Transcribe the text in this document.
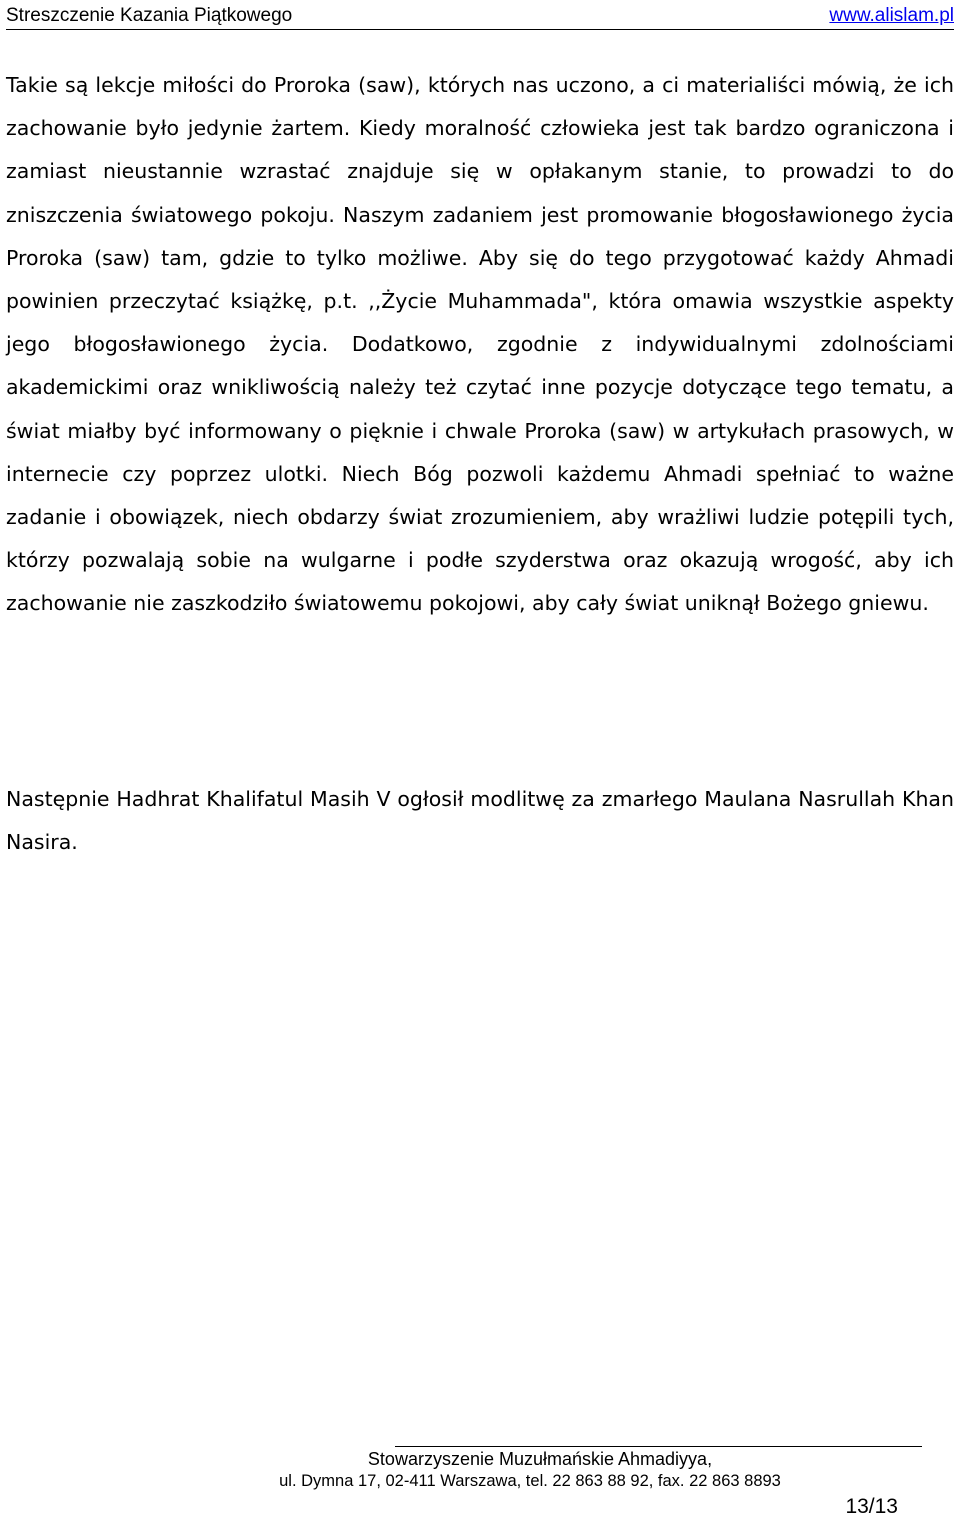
Streszczenie Kazania Piątkowego	www.alislam.pl

Takie są lekcje miłości do Proroka (saw), których nas uczono, a ci materialiści mówią, że ich zachowanie było jedynie żartem. Kiedy moralność człowieka jest tak bardzo ograniczona i zamiast nieustannie wzrastać znajduje się w opłakanym stanie, to prowadzi to do zniszczenia światowego pokoju. Naszym zadaniem jest promowanie błogosławionego życia Proroka (saw) tam, gdzie to tylko możliwe. Aby się do tego przygotować każdy Ahmadi powinien przeczytać książkę, p.t. ,,Życie Muhammada", która omawia wszystkie aspekty jego błogosławionego życia. Dodatkowo, zgodnie z indywidualnymi zdolnościami akademickimi oraz wnikliwością należy też czytać inne pozycje dotyczące tego tematu, a świat miałby być informowany o pięknie i chwale Proroka (saw) w artykułach prasowych, w internecie czy poprzez ulotki. Niech Bóg pozwoli każdemu Ahmadi spełniać to ważne zadanie i obowiązek, niech obdarzy świat zrozumieniem, aby wrażliwi ludzie potępili tych, którzy pozwalają sobie na wulgarne i podłe szyderstwa oraz okazują wrogość, aby ich zachowanie nie zaszkodziło światowemu pokojowi, aby cały świat uniknął Bożego gniewu.

Następnie Hadhrat Khalifatul Masih V ogłosił modlitwę za zmarłego Maulana Nasrullah Khan Nasira.

Stowarzyszenie Muzułmańskie Ahmadiyya,

ul. Dymna 17, 02-411 Warszawa, tel. 22 863 88 92, fax. 22 863 8893

13/13
